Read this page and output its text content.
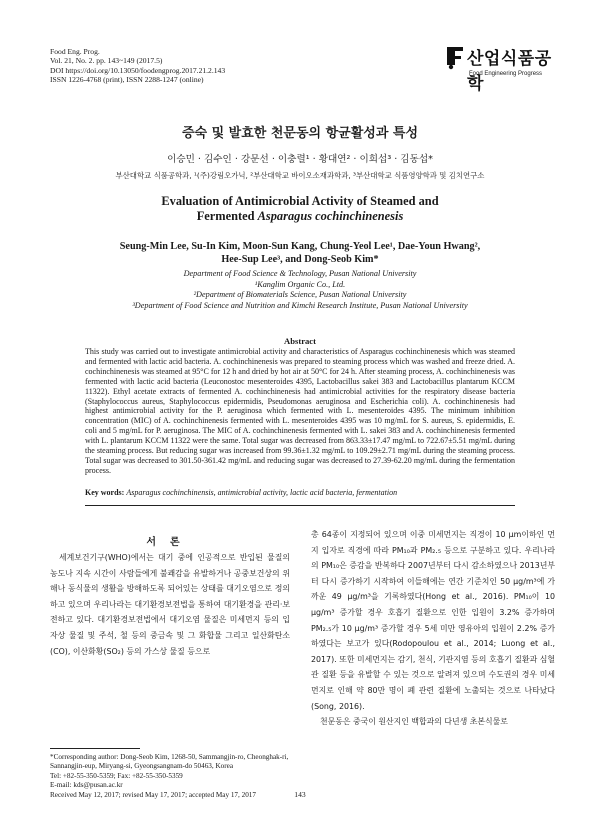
Food Eng. Prog.
Vol. 21, No. 2. pp. 143~149 (2017.5)
DOI https://doi.org/10.13050/foodengprog.2017.21.2.143
ISSN 1226-4768 (print), ISSN 2288-1247 (online)
산업식품공학
Food Engineering Progress
증숙 및 발효한 천문동의 항균활성과 특성
이승민 · 김수인 · 강문선 · 이충렬¹ · 황대연² · 이희섭³ · 김동섭*
부산대학교 식품공학과, ¹(주)강림오가닉, ²부산대학교 바이오소재과학과, ³부산대학교 식품영양학과 및 김치연구소
Evaluation of Antimicrobial Activity of Steamed and
Fermented Asparagus cochinchinenesis
Seung-Min Lee, Su-In Kim, Moon-Sun Kang, Chung-Yeol Lee¹, Dae-Youn Hwang²,
Hee-Sup Lee³, and Dong-Seob Kim*
Department of Food Science & Technology, Pusan National University
¹Kanglim Organic Co., Ltd.
²Department of Biomaterials Science, Pusan National University
³Department of Food Science and Nutrition and Kimchi Research Institute, Pusan National University
Abstract
This study was carried out to investigate antimicrobial activity and characteristics of Asparagus cochinchinenesis which was steamed and fermented with lactic acid bacteria. A. cochinchinenesis was prepared to steaming process which was washed and freeze dried. A. cochinchinenesis was steamed at 95°C for 12 h and dried by hot air at 50°C for 24 h. After steaming process, A. cochinchinenesis was fermented with lactic acid bacteria (Leuconostoc mesenteroides 4395, Lactobacillus sakei 383 and Lactobacillus plantarum KCCM 11322). Ethyl acetate extracts of fermented A. cochinchinenesis had antimicrobial activities for the respiratory disease bacteria (Staphylococcus aureus, Staphylococcus epidermidis, Pseudomonas aeruginosa and Escherichia coli). A. cochinchinenesis had highest antimicrobial activity for the P. aeruginosa which fermented with L. mesenteroides 4395. The minimum inhibition concentration (MIC) of A. cochinchinenesis fermented with L. mesenteroides 4395 was 10 mg/mL for S. aureus, S. epidermidis, E. coli and 5 mg/mL for P. aeruginosa. The MIC of A. cochinchinenesis fermented with L. sakei 383 and A. cochinchinenesis fermented with L. plantarum KCCM 11322 were the same. Total sugar was decreased from 863.33±17.47 mg/mL to 722.67±5.51 mg/mL during the steaming process. But reducing sugar was increased from 99.36±1.32 mg/mL to 109.29±2.71 mg/mL during the steaming process. Total sugar was decreased to 301.50-361.42 mg/mL and reducing sugar was decreased to 27.39-62.20 mg/mL during the fermentation process.
Key words: Asparagus cochinchinensis, antimicrobial activity, lactic acid bacteria, fermentation
서론
세계보건기구(WHO)에서는 대기 중에 인공적으로 반입된 물질의 농도나 지속 시간이 사람들에게 불쾌감을 유발하거나 공중보건상의 위해나 동식물의 생활을 방해하도록 되어있는 상태를 대기오염으로 정의하고 있으며 우리나라는 대기환경보전법을 통하여 대기환경을 관리·보전하고 있다. 대기환경보전법에서 대기오염 물질은 미세먼지 등의 입자상 물질 및 주석, 철 등의 중금속 및 그 화합물 그리고 일산화탄소(CO), 이산화황(SO₂) 등의 가스상 물질 등으로

총 64종이 지정되어 있으며 이중 미세먼지는 직경이 10 μm이하인 먼지 입자로 직경에 따라 PM₁₀과 PM₂.₅ 등으로 구분하고 있다. 우리나라의 PM₁₀은 증감을 반복하다 2007년부터 다시 감소하였으나 2013년부터 다시 증가하기 시작하여 이들해에는 연간 기준치인 50 μg/m³에 가까운 49 μg/m³을 기록하였다(Hong et al., 2016). PM₁₀이 10 μg/m³ 증가할 경우 호흡기 질환으로 인한 입원이 3.2% 증가하며 PM₂.₅가 10 μg/m³ 증가할 경우 5세 미만 영유아의 입원이 2.2% 증가하였다는 보고가 있다(Rodopoulou et al., 2014; Luong et al., 2017). 또한 미세먼지는 감기, 천식, 기관지염 등의 호흡기 질환과 심혈관 질환 등을 유발할 수 있는 것으로 알려져 있으며 수도권의 경우 미세먼지로 인해 약 80만 명이 폐 관련 질환에 노출되는 것으로 나타났다(Song, 2016).

천문동은 중국이 원산지인 백합과의 다년생 초본식물로

*Corresponding author: Dong-Seob Kim, 1268-50, Sammangjin-ro, Cheonghak-ri, Sannangjin-eup, Miryang-si, Gyeongsangnam-do 50463, Korea
Tel: +82-55-350-5359; Fax: +82-55-350-5359
E-mail: kds@pusan.ac.kr
Received May 12, 2017; revised May 17, 2017; accepted May 17, 2017	143
